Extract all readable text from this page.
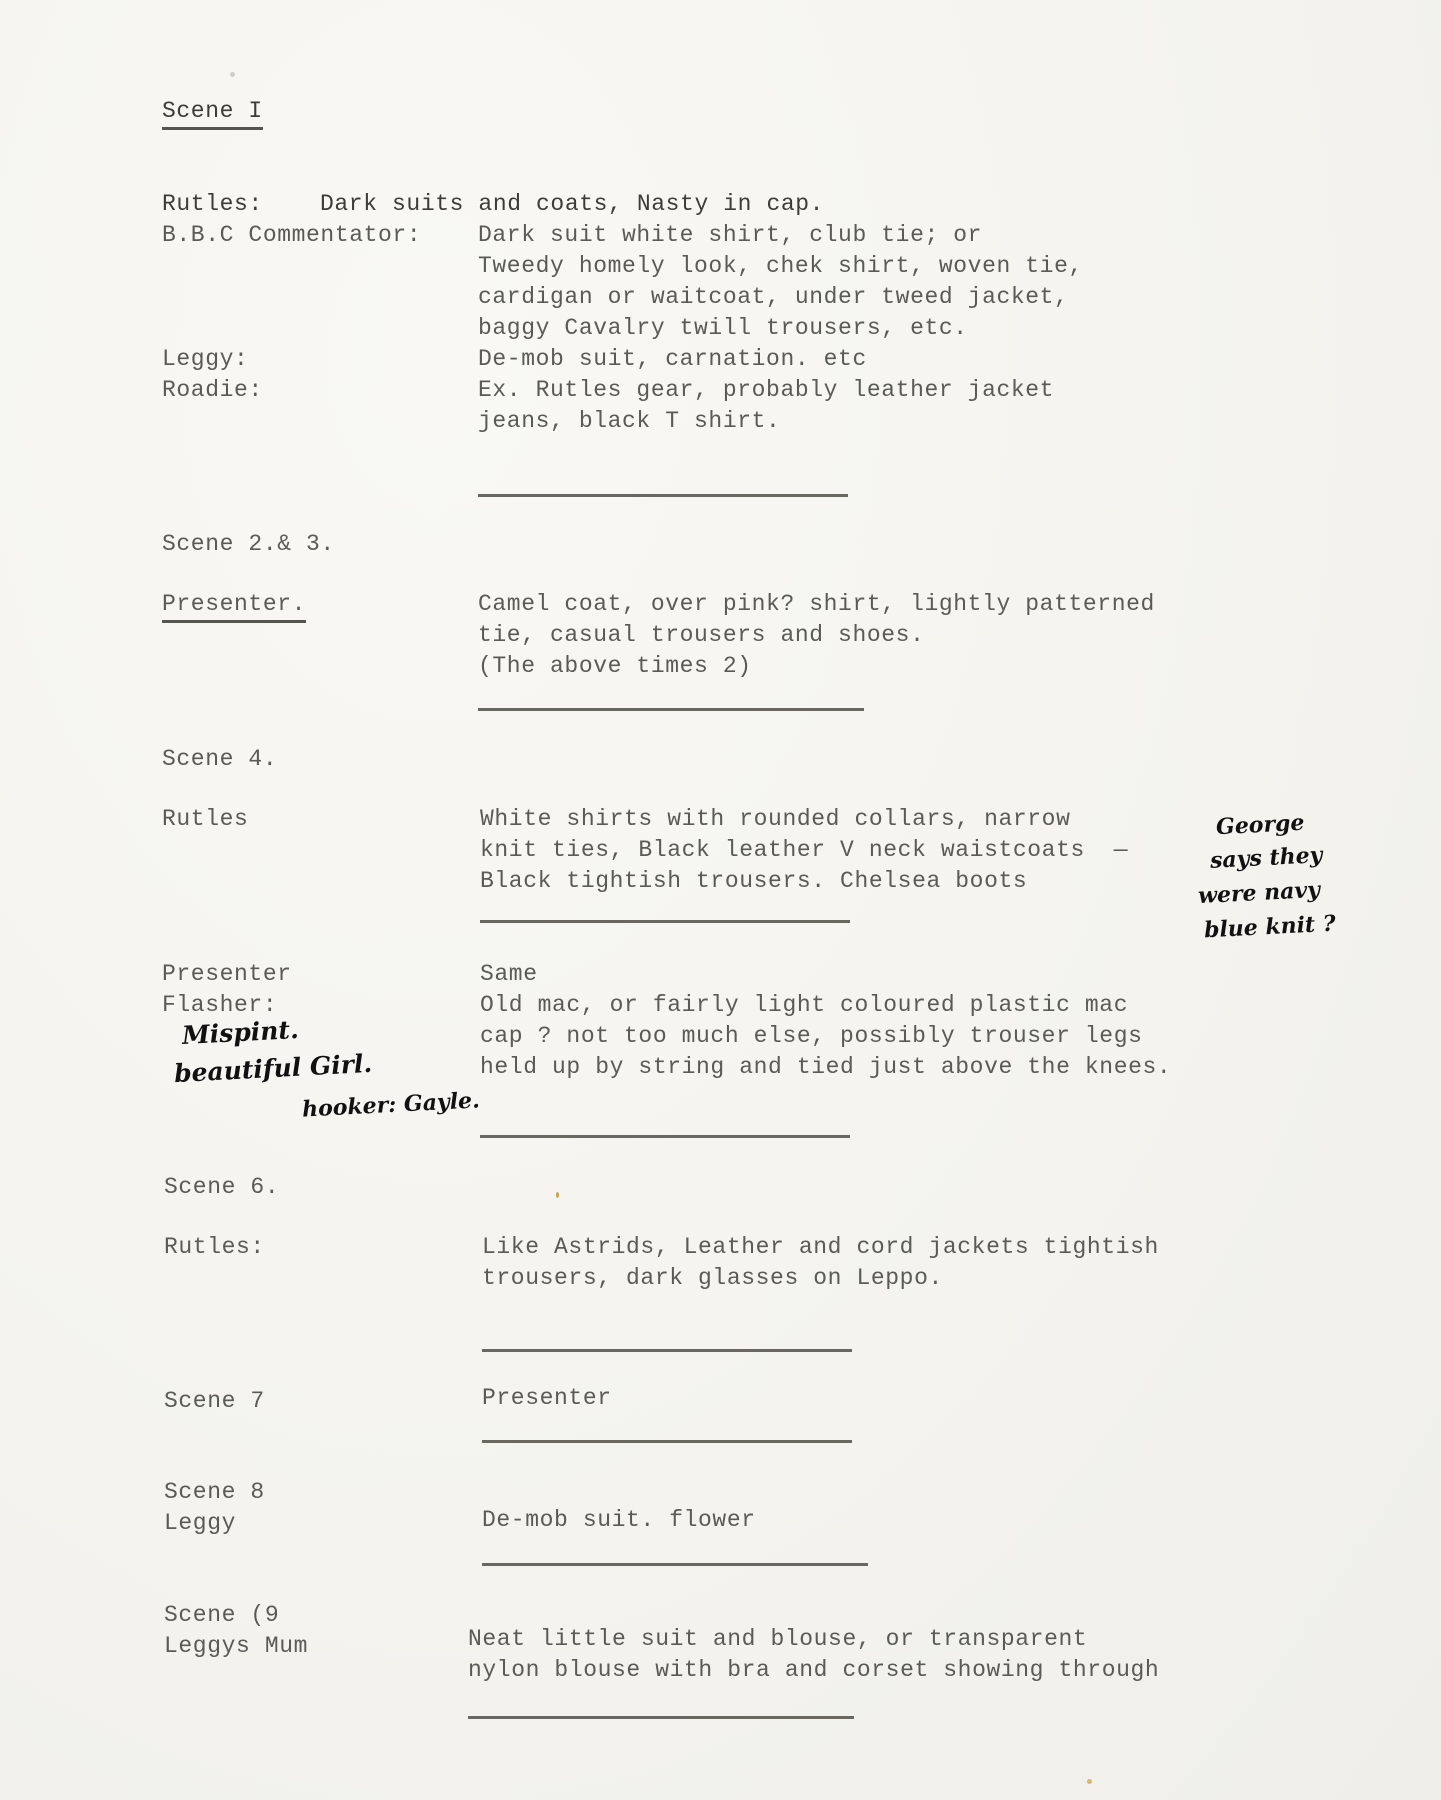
Scene I
Rutles: Dark suits and coats, Nasty in cap.
B.B.C Commentator: Dark suit white shirt, club tie; or
Tweedy homely look, chek shirt, woven tie,
cardigan or waitcoat, under tweed jacket,
baggy Cavalry twill trousers, etc.
Leggy:	De-mob suit, carnation. etc
Roadie:	Ex. Rutles gear, probably leather jacket
jeans, black T shirt.
Scene 2.& 3.
Presenter.	Camel coat, over pink? shirt, lightly patterned
tie, casual trousers and shoes.
(The above times 2)
Scene 4.
Rutles	White shirts with rounded collars, narrow
knit ties, Black leather V neck waistcoats  —
Black tightish trousers. Chelsea boots
George
says they
were navy
blue knit ?
Presenter	Same
Flasher:	Old mac, or fairly light coloured plastic mac
cap ? not too much else, possibly trouser legs
held up by string and tied just above the knees.
Mispint.
beautiful Girl.
hooker: Gayle.
Scene 6.
Rutles:	Like Astrids, Leather and cord jackets tightish
trousers, dark glasses on Leppo.
Scene 7	Presenter
Scene 8
Leggy	De-mob suit. flower
Scene (9
Leggys Mum	Neat little suit and blouse, or transparent
nylon blouse with bra and corset showing through
